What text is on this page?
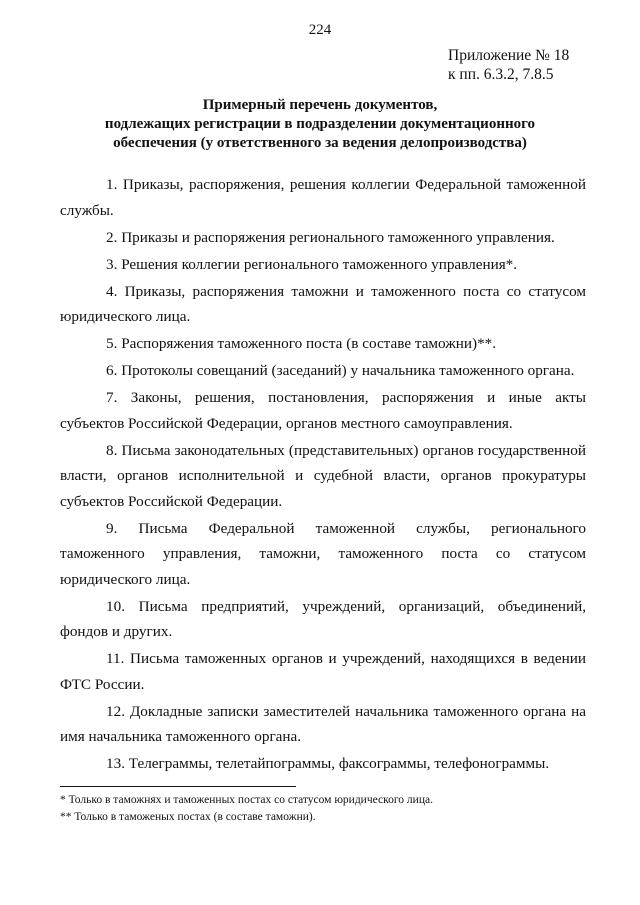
224
Приложение № 18
к пп. 6.3.2, 7.8.5
Примерный перечень документов,
подлежащих регистрации в подразделении документационного
обеспечения (у ответственного за ведения делопроизводства)

1. Приказы, распоряжения, решения коллегии Федеральной таможенной службы.

2. Приказы и распоряжения регионального таможенного управления.

3. Решения коллегии регионального таможенного управления*.

4. Приказы, распоряжения таможни и таможенного поста со статусом юридического лица.

5. Распоряжения таможенного поста (в составе таможни)**.

6. Протоколы совещаний (заседаний) у начальника таможенного органа.

7. Законы, решения, постановления, распоряжения и иные акты субъектов Российской Федерации, органов местного самоуправления.

8. Письма законодательных (представительных) органов государственной власти, органов исполнительной и судебной власти, органов прокуратуры субъектов Российской Федерации.

9. Письма Федеральной таможенной службы, регионального таможенного управления, таможни, таможенного поста со статусом юридического лица.

10. Письма предприятий, учреждений, организаций, объединений, фондов и других.

11. Письма таможенных органов и учреждений, находящихся в ведении ФТС России.

12. Докладные записки заместителей начальника таможенного органа на имя начальника таможенного органа.

13. Телеграммы, телетайпограммы, факсограммы, телефонограммы.

* Только в таможнях и таможенных постах со статусом юридического лица.

** Только в таможеных постах (в составе таможни).
